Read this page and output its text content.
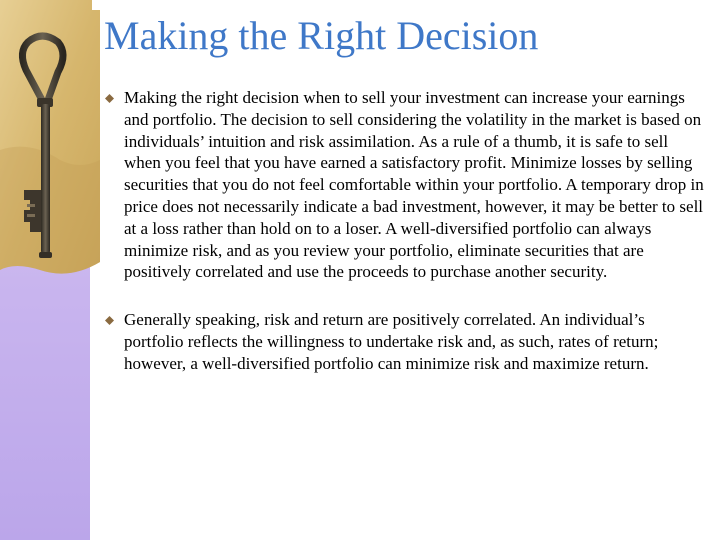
Making the Right Decision
Making the right decision when to sell your investment can increase your earnings and portfolio. The decision to sell considering the volatility in the market is based on individuals’ intuition and risk assimilation. As a rule of a thumb, it is safe to sell when you feel that you have earned a satisfactory profit. Minimize losses by selling securities that you do not feel comfortable within your portfolio. A temporary drop in price does not necessarily indicate a bad investment, however, it may be better to sell at a loss rather than hold on to a loser. A well-diversified portfolio can always minimize risk, and as you review your portfolio, eliminate securities that are positively correlated and use the proceeds to purchase another security.
Generally speaking, risk and return are positively correlated. An individual’s portfolio reflects the willingness to undertake risk and, as such, rates of return; however, a well-diversified portfolio can minimize risk and maximize return.
